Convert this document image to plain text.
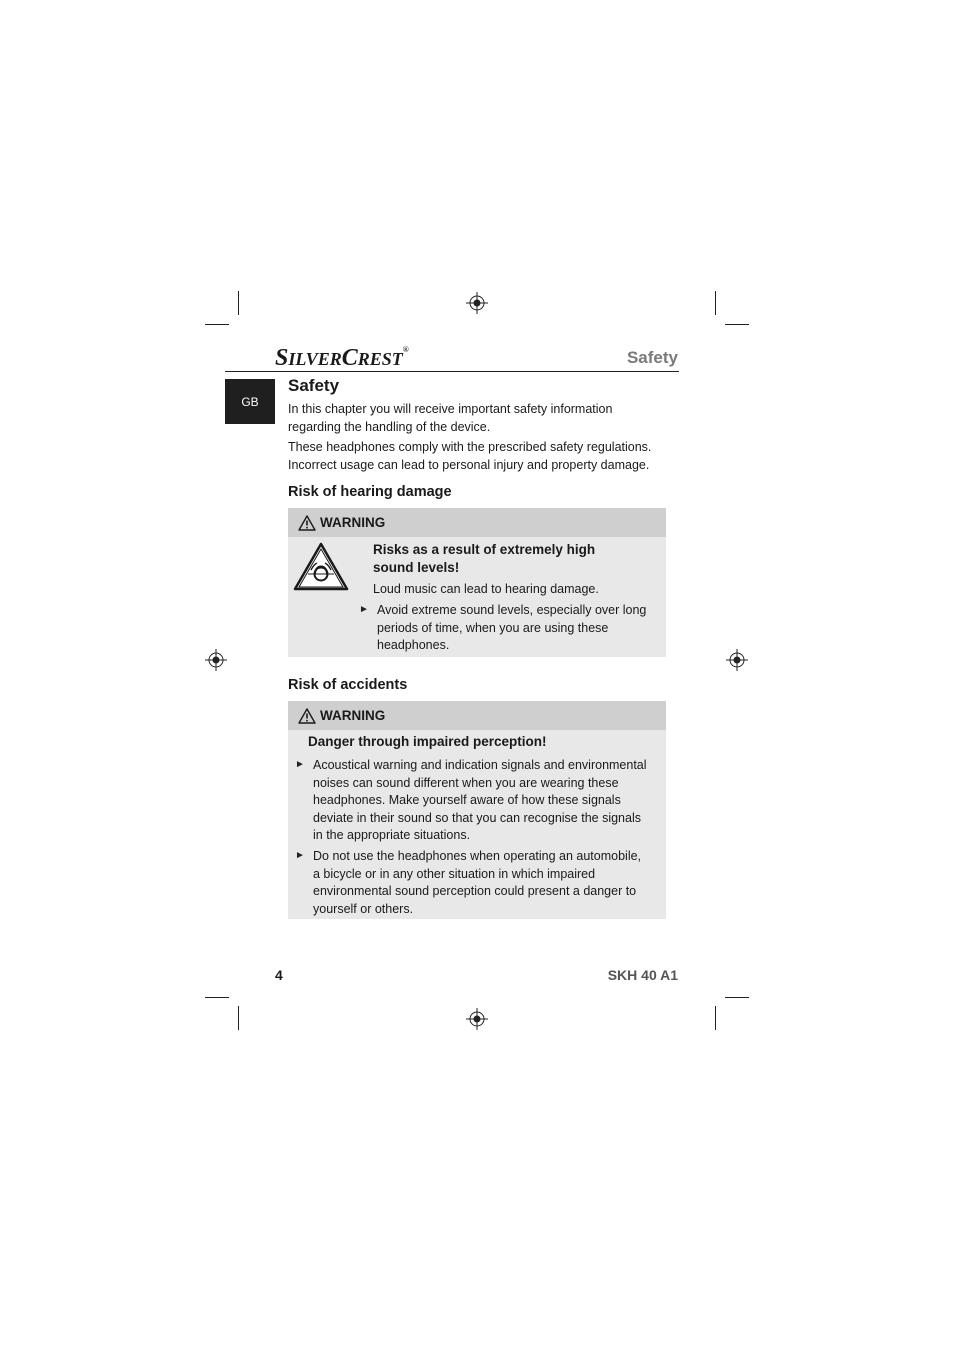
SILVERCREST®	Safety
GB
Safety

In this chapter you will receive important safety information regarding the handling of the device.

These headphones comply with the prescribed safety regulations. Incorrect usage can lead to personal injury and property damage.

Risk of hearing damage
WARNING
Risks as a result of extremely high sound levels!
Loud music can lead to hearing damage.
► Avoid extreme sound levels, especially over long periods of time, when you are using these headphones.
Risk of accidents
WARNING
Danger through impaired perception!
► Acoustical warning and indication signals and environmental noises can sound different when you are wearing these headphones. Make yourself aware of how these signals deviate in their sound so that you can recognise the signals in the appropriate situations.
► Do not use the headphones when operating an automobile, a bicycle or in any other situation in which impaired environmental sound perception could present a danger to yourself or others.
4	SKH 40 A1
